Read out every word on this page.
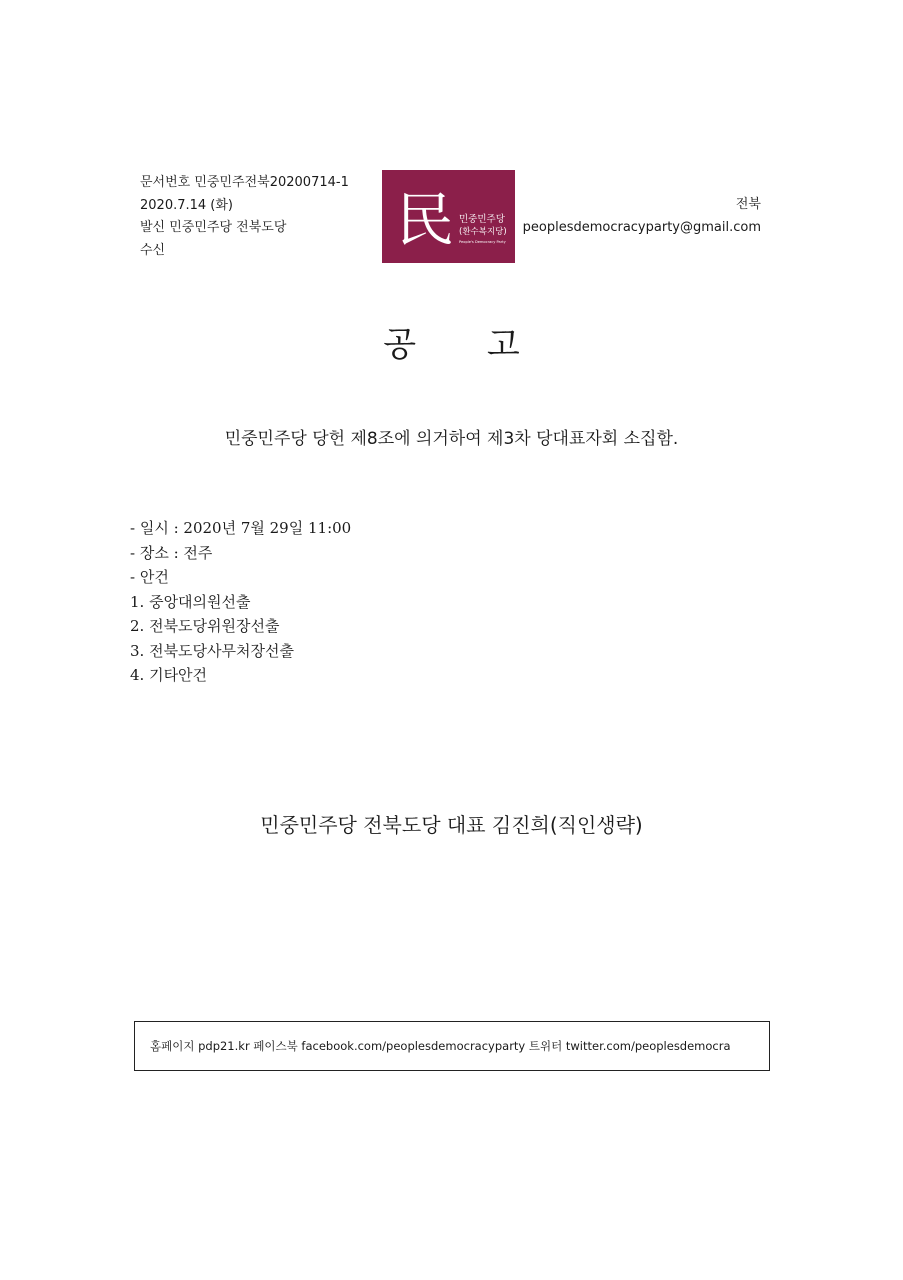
문서번호 민중민주전북20200714-1
2020.7.14 (화)
발신 민중민주당 전북도당
수신	民 민중민주당
(환수복지당)
People's Democracy Party
전북
peoplesdemocracyparty@gmail.com
공 고
민중민주당 당헌 제8조에 의거하여 제3차 당대표자회 소집함.
- 일시 : 2020년 7월 29일 11:00
- 장소 : 전주
- 안건
1. 중앙대의원선출
2. 전북도당위원장선출
3. 전북도당사무처장선출
4. 기타안건
민중민주당 전북도당 대표 김진희(직인생략)
홈페이지 pdp21.kr 페이스북 facebook.com/peoplesdemocracyparty 트위터 twitter.com/peoplesdemocra
